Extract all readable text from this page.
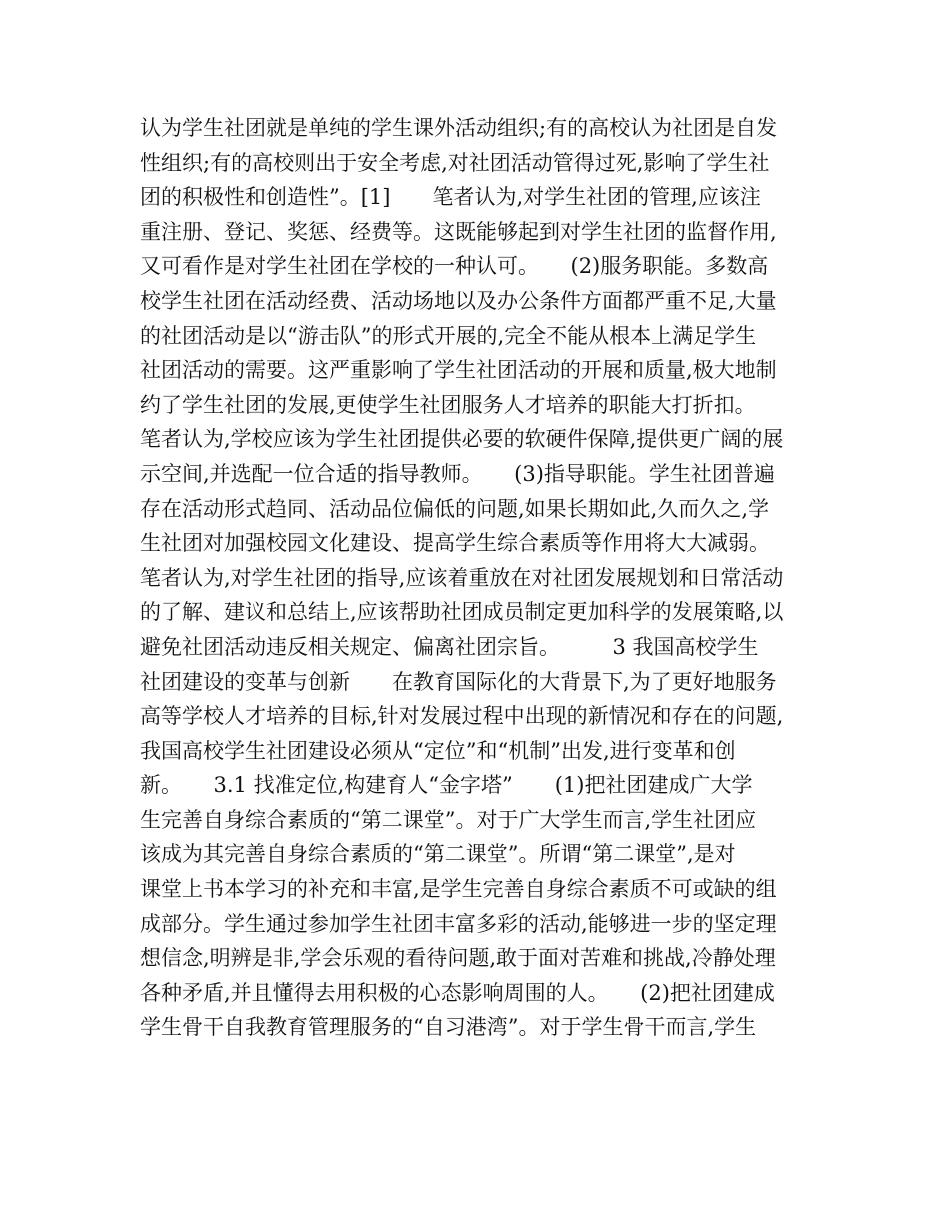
认为学生社团就是单纯的学生课外活动组织;有的高校认为社团是自发
性组织;有的高校则出于安全考虑,对社团活动管得过死,影响了学生社
团的积极性和创造性”。[1]　　笔者认为,对学生社团的管理,应该注
重注册、登记、奖惩、经费等。这既能够起到对学生社团的监督作用,
又可看作是对学生社团在学校的一种认可。　　(2)服务职能。多数高
校学生社团在活动经费、活动场地以及办公条件方面都严重不足,大量
的社团活动是以“游击队”的形式开展的,完全不能从根本上满足学生
社团活动的需要。这严重影响了学生社团活动的开展和质量,极大地制
约了学生社团的发展,更使学生社团服务人才培养的职能大打折扣。
笔者认为,学校应该为学生社团提供必要的软硬件保障,提供更广阔的展
示空间,并选配一位合适的指导教师。　　(3)指导职能。学生社团普遍
存在活动形式趋同、活动品位偏低的问题,如果长期如此,久而久之,学
生社团对加强校园文化建设、提高学生综合素质等作用将大大减弱。
笔者认为,对学生社团的指导,应该着重放在对社团发展规划和日常活动
的了解、建议和总结上,应该帮助社团成员制定更加科学的发展策略,以
避免社团活动违反相关规定、偏离社团宗旨。　　　3 我国高校学生
社团建设的变革与创新　　在教育国际化的大背景下,为了更好地服务
高等学校人才培养的目标,针对发展过程中出现的新情况和存在的问题,
我国高校学生社团建设必须从“定位”和“机制”出发,进行变革和创
新。　　3.1 找准定位,构建育人“金字塔”　　(1)把社团建成广大学
生完善自身综合素质的“第二课堂”。对于广大学生而言,学生社团应
该成为其完善自身综合素质的“第二课堂”。所谓“第二课堂”,是对
课堂上书本学习的补充和丰富,是学生完善自身综合素质不可或缺的组
成部分。学生通过参加学生社团丰富多彩的活动,能够进一步的坚定理
想信念,明辨是非,学会乐观的看待问题,敢于面对苦难和挑战,冷静处理
各种矛盾,并且懂得去用积极的心态影响周围的人。　　(2)把社团建成
学生骨干自我教育管理服务的“自习港湾”。对于学生骨干而言,学生
